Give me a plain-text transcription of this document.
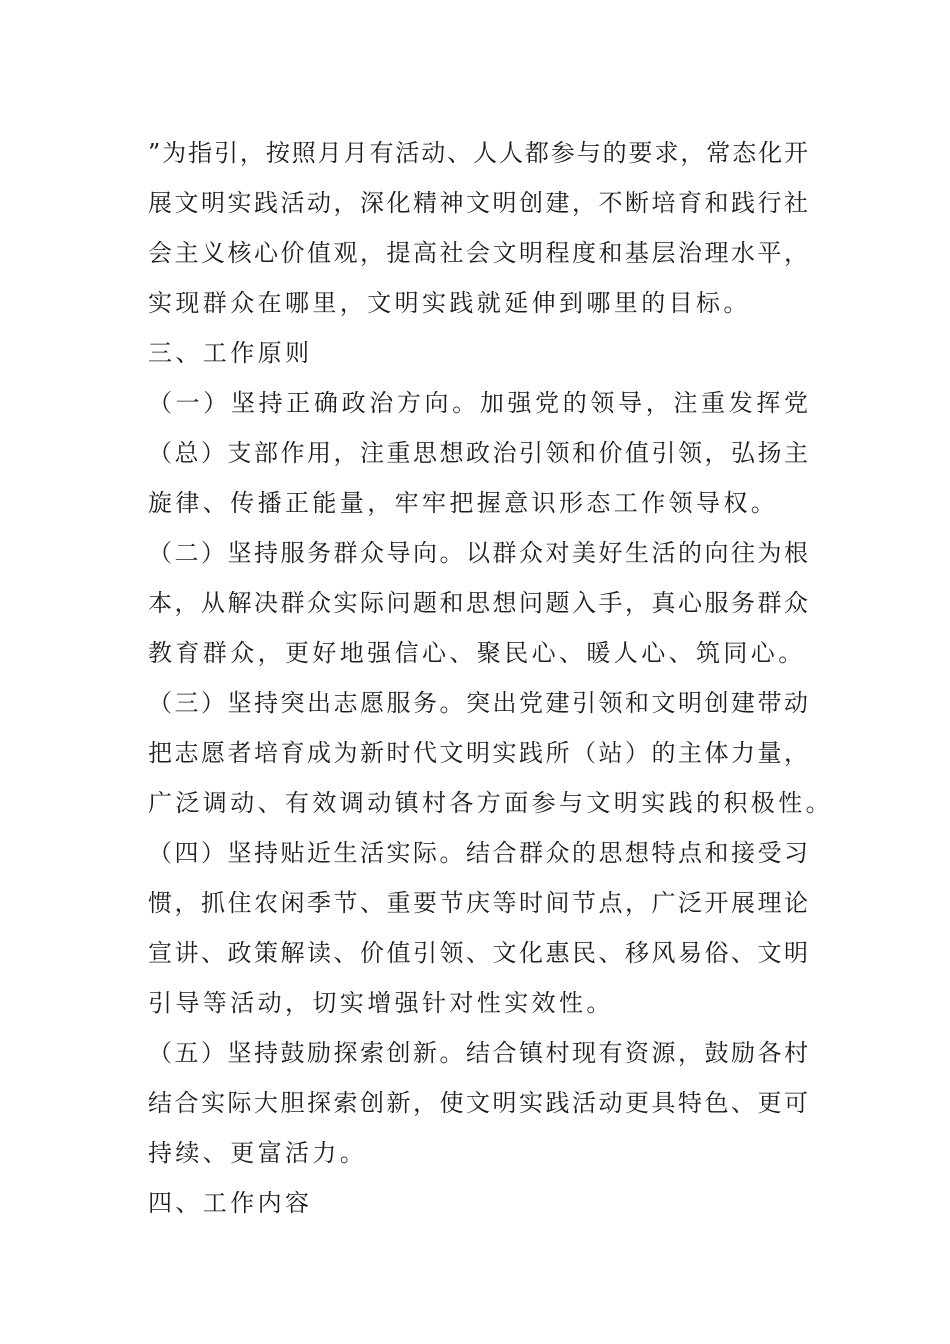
”为指引，按照月月有活动、人人都参与的要求，常态化开
展文明实践活动，深化精神文明创建，不断培育和践行社
会主义核心价值观，提高社会文明程度和基层治理水平，
实现群众在哪里，文明实践就延伸到哪里的目标。
三、工作原则
（一）坚持正确政治方向。加强党的领导，注重发挥党
（总）支部作用，注重思想政治引领和价值引领，弘扬主
旋律、传播正能量，牢牢把握意识形态工作领导权。
（二）坚持服务群众导向。以群众对美好生活的向往为根
本，从解决群众实际问题和思想问题入手，真心服务群众
教育群众，更好地强信心、聚民心、暖人心、筑同心。
（三）坚持突出志愿服务。突出党建引领和文明创建带动
把志愿者培育成为新时代文明实践所（站）的主体力量，
广泛调动、有效调动镇村各方面参与文明实践的积极性。
（四）坚持贴近生活实际。结合群众的思想特点和接受习
惯，抓住农闲季节、重要节庆等时间节点，广泛开展理论
宣讲、政策解读、价值引领、文化惠民、移风易俗、文明
引导等活动，切实增强针对性实效性。
（五）坚持鼓励探索创新。结合镇村现有资源，鼓励各村
结合实际大胆探索创新，使文明实践活动更具特色、更可
持续、更富活力。
四、工作内容
